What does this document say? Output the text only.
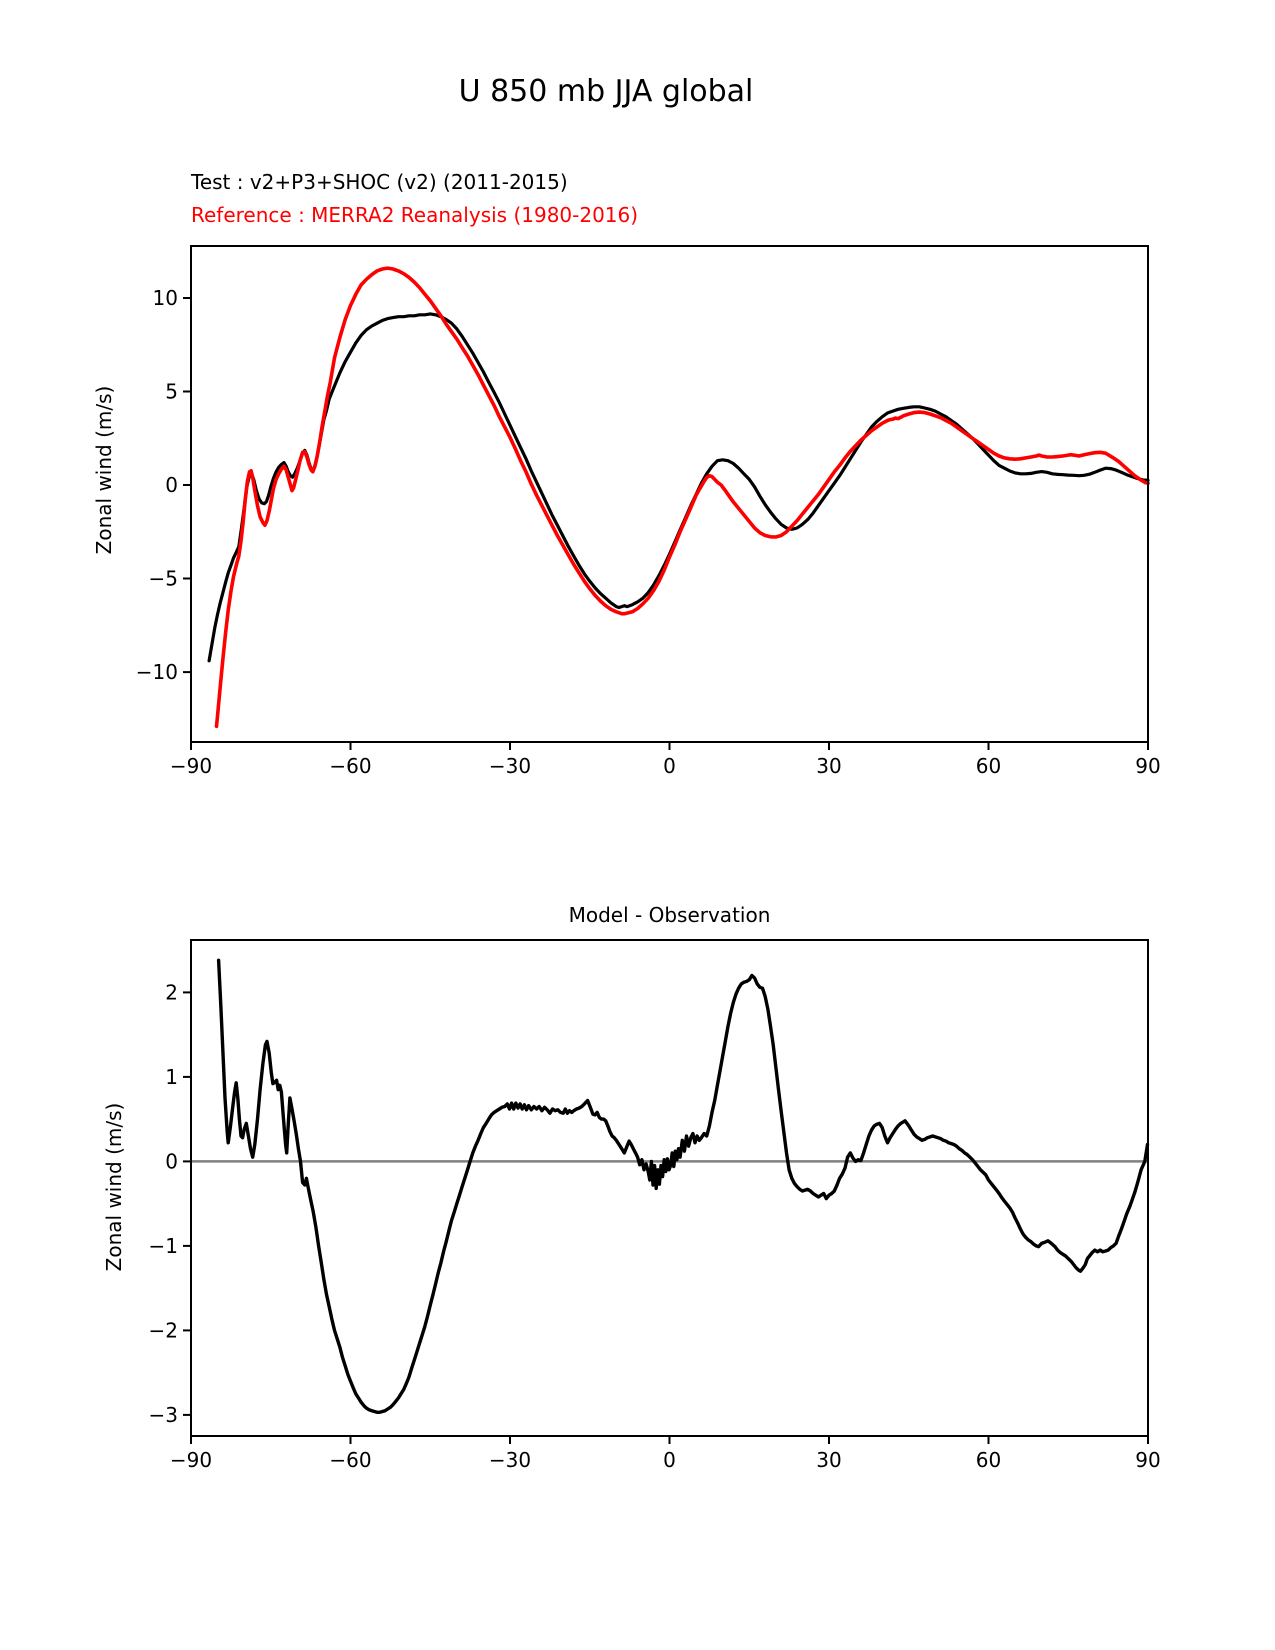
−90	−60	−30	0	30	60	90
10
5
0
−5
−10
−90	−60	−30	0	30	60	90
2
1
0
−1
−2
−3
U 850 mb JJA global
Test : v2+P3+SHOC (v2) (2011-2015)
Reference : MERRA2 Reanalysis (1980-2016)
Zonal wind (m/s)
Model - Observation
Zonal wind (m/s)
